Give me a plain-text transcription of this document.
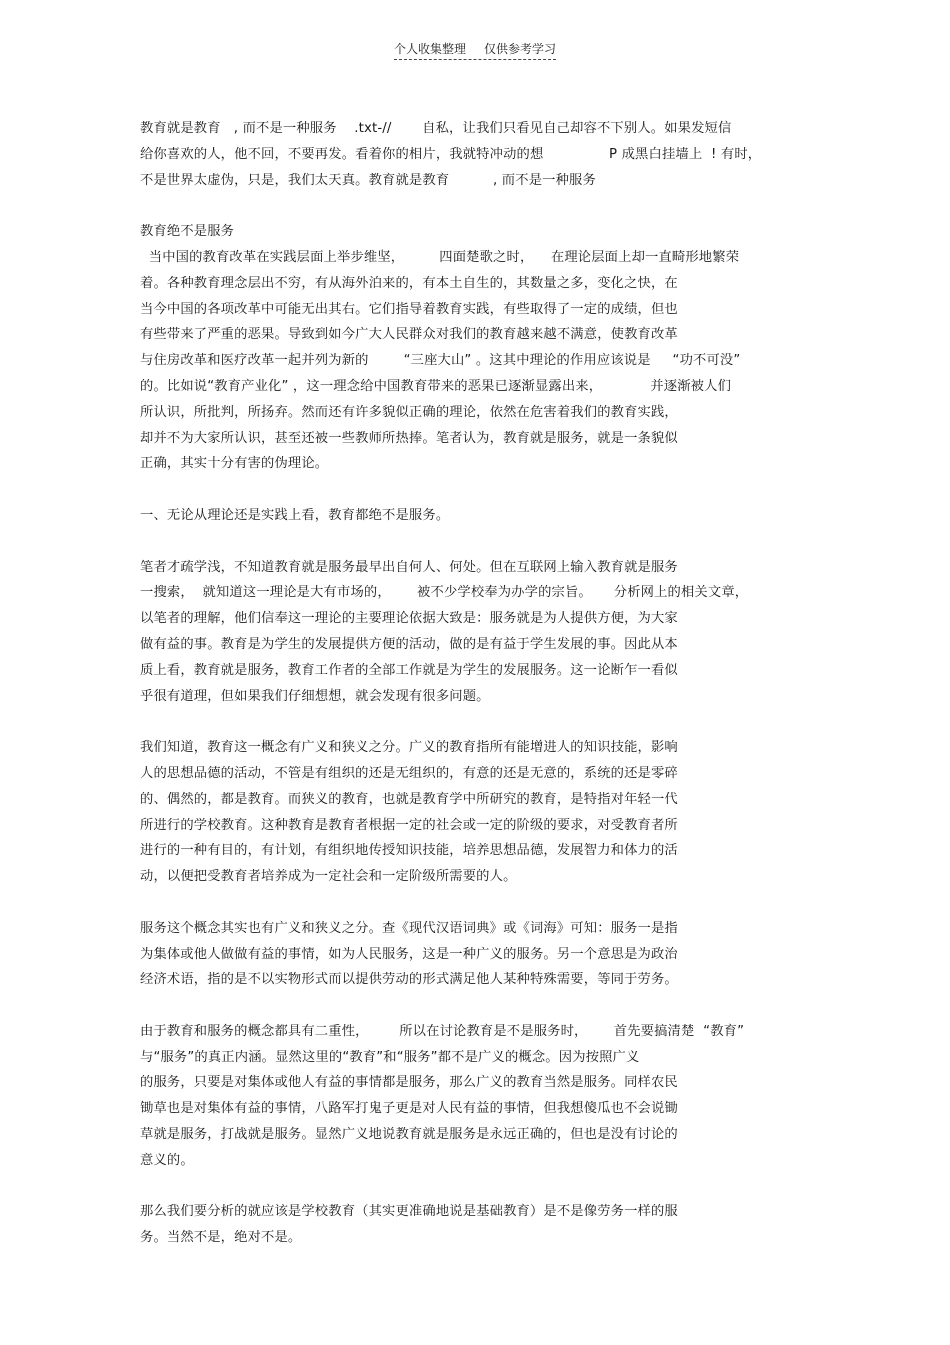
个人收集整理 仅供参考学习
教育就是教育   , 而不是一种服务    .txt-//       自私，让我们只看见自己却容不下别人。如果发短信
给你喜欢的人，他不回，不要再发。看着你的相片，我就特冲动的想               P 成黑白挂墙上  ! 有时，
不是世界太虚伪，只是，我们太天真。教育就是教育          , 而不是一种服务
教育绝不是服务
当中国的教育改革在实践层面上举步维坚，        四面楚歌之时，    在理论层面上却一直畸形地繁荣
着。各种教育理念层出不穷，有从海外泊来的，有本土自生的，其数量之多，变化之快，在
当今中国的各项改革中可能无出其右。它们指导着教育实践，有些取得了一定的成绩，但也
有些带来了严重的恶果。导致到如今广大人民群众对我们的教育越来越不满意，使教育改革
与住房改革和医疗改革一起并列为新的        “三座大山” 。这其中理论的作用应该说是     “功不可没”
的。比如说“教育产业化” ，这一理念给中国教育带来的恶果已逐渐显露出来，           并逐渐被人们
所认识，所批判，所扬弃。然而还有许多貌似正确的理论，依然在危害着我们的教育实践，
却并不为大家所认识，甚至还被一些教师所热捧。笔者认为，教育就是服务，就是一条貌似
正确，其实十分有害的伪理论。
一、无论从理论还是实践上看，教育都绝不是服务。
笔者才疏学浅，不知道教育就是服务最早出自何人、何处。但在互联网上输入教育就是服务
一搜索，  就知道这一理论是大有市场的，      被不少学校奉为办学的宗旨。     分析网上的相关文章，
以笔者的理解，他们信奉这一理论的主要理论依据大致是：服务就是为人提供方便，为大家
做有益的事。教育是为学生的发展提供方便的活动，做的是有益于学生发展的事。因此从本
质上看，教育就是服务，教育工作者的全部工作就是为学生的发展服务。这一论断乍一看似
乎很有道理，但如果我们仔细想想，就会发现有很多问题。
我们知道，教育这一概念有广义和狭义之分。广义的教育指所有能增进人的知识技能，影响
人的思想品德的活动，不管是有组织的还是无组织的，有意的还是无意的，系统的还是零碎
的、偶然的，都是教育。而狭义的教育，也就是教育学中所研究的教育，是特指对年轻一代
所进行的学校教育。这种教育是教育者根据一定的社会或一定的阶级的要求，对受教育者所
进行的一种有目的，有计划，有组织地传授知识技能，培养思想品德，发展智力和体力的活
动，以便把受教育者培养成为一定社会和一定阶级所需要的人。
服务这个概念其实也有广义和狭义之分。查《现代汉语词典》或《词海》可知：服务一是指
为集体或他人做做有益的事情，如为人民服务，这是一种广义的服务。另一个意思是为政治
经济术语，指的是不以实物形式而以提供劳动的形式满足他人某种特殊需要，等同于劳务。
由于教育和服务的概念都具有二重性，       所以在讨论教育是不是服务时，      首先要搞清楚  “教育”
与“服务”的真正内涵。显然这里的“教育”和“服务”都不是广义的概念。因为按照广义
的服务，只要是对集体或他人有益的事情都是服务，那么广义的教育当然是服务。同样农民
锄草也是对集体有益的事情，八路军打鬼子更是对人民有益的事情，但我想傻瓜也不会说锄
草就是服务，打战就是服务。显然广义地说教育就是服务是永远正确的，但也是没有讨论的
意义的。
那么我们要分析的就应该是学校教育（其实更准确地说是基础教育）是不是像劳务一样的服
务。当然不是，绝对不是。
